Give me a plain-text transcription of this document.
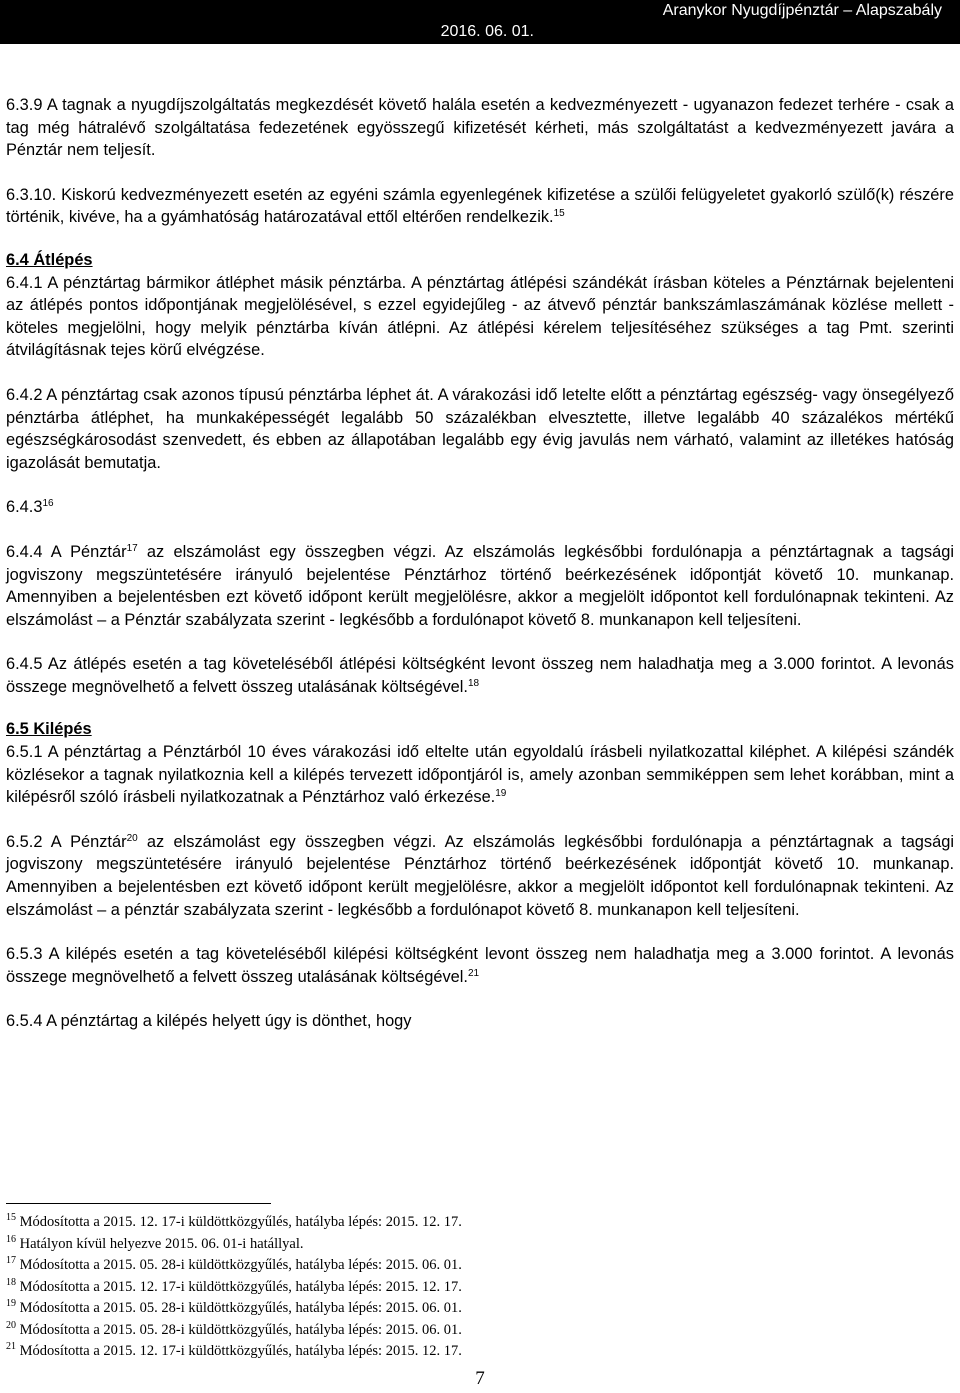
Aranykor Nyugdíjpénztár – Alapszabály
2016. 06. 01.

6.3.9 A tagnak a nyugdíjszolgáltatás megkezdését követő halála esetén a kedvezményezett - ugyanazon fedezet terhére - csak a tag még hátralévő szolgáltatása fedezetének egyösszegű kifizetését kérheti, más szolgáltatást a kedvezményezett javára a Pénztár nem teljesít.

6.3.10. Kiskorú kedvezményezett esetén az egyéni számla egyenlegének kifizetése a szülői felügyeletet gyakorló szülő(k) részére történik, kivéve, ha a gyámhatóság határozatával ettől eltérően rendelkezik.$^{15}$

6.4 Átlépés

6.4.1 A pénztártag bármikor átléphet másik pénztárba. A pénztártag átlépési szándékát írásban köteles a Pénztárnak bejelenteni az átlépés pontos időpontjának megjelölésével, s ezzel egyidejűleg - az átvevő pénztár bankszámlaszámának közlése mellett - köteles megjelölni, hogy melyik pénztárba kíván átlépni. Az átlépési kérelem teljesítéséhez szükséges a tag Pmt. szerinti átvilágításnak tejes körű elvégzése.

6.4.2 A pénztártag csak azonos típusú pénztárba léphet át. A várakozási idő letelte előtt a pénztártag egészség- vagy önsegélyező pénztárba átléphet, ha munkaképességét legalább 50 százalékban elvesztette, illetve legalább 40 százalékos mértékű egészségkárosodást szenvedett, és ebben az állapotában legalább egy évig javulás nem várható, valamint az illetékes hatóság igazolását bemutatja.

6.4.3$^{16}$

6.4.4 A Pénztár$^{17}$ az elszámolást egy összegben végzi. Az elszámolás legkésőbbi fordulónapja a pénztártagnak a tagsági jogviszony megszüntetésére irányuló bejelentése Pénztárhoz történő beérkezésének időpontját követő 10. munkanap. Amennyiben a bejelentésben ezt követő időpont került megjelölésre, akkor a megjelölt időpontot kell fordulónapnak tekinteni. Az elszámolást – a Pénztár szabályzata szerint - legkésőbb a fordulónapot követő 8. munkanapon kell teljesíteni.

6.4.5 Az átlépés esetén a tag követeléséből átlépési költségként levont összeg nem haladhatja meg a 3.000 forintot. A levonás összege megnövelhető a felvett összeg utalásának költségével.$^{18}$

6.5 Kilépés

6.5.1 A pénztártag a Pénztárból 10 éves várakozási idő eltelte után egyoldalú írásbeli nyilatkozattal kiléphet. A kilépési szándék közlésekor a tagnak nyilatkoznia kell a kilépés tervezett időpontjáról is, amely azonban semmiképpen sem lehet korábban, mint a kilépésről szóló írásbeli nyilatkozatnak a Pénztárhoz való érkezése.$^{19}$

6.5.2 A Pénztár$^{20}$ az elszámolást egy összegben végzi. Az elszámolás legkésőbbi fordulónapja a pénztártagnak a tagsági jogviszony megszüntetésére irányuló bejelentése Pénztárhoz történő beérkezésének időpontját követő 10. munkanap. Amennyiben a bejelentésben ezt követő időpont került megjelölésre, akkor a megjelölt időpontot kell fordulónapnak tekinteni. Az elszámolást – a pénztár szabályzata szerint - legkésőbb a fordulónapot követő 8. munkanapon kell teljesíteni.

6.5.3 A kilépés esetén a tag követeléséből kilépési költségként levont összeg nem haladhatja meg a 3.000 forintot. A levonás összege megnövelhető a felvett összeg utalásának költségével.$^{21}$

6.5.4 A pénztártag a kilépés helyett úgy is dönthet, hogy

$^{15}$ Módosította a 2015. 12. 17-i küldöttközgyűlés, hatályba lépés: 2015. 12. 17.
$^{16}$ Hatályon kívül helyezve 2015. 06. 01-i hatállyal.
$^{17}$ Módosította a 2015. 05. 28-i küldöttközgyűlés, hatályba lépés: 2015. 06. 01.
$^{18}$ Módosította a 2015. 12. 17-i küldöttközgyűlés, hatályba lépés: 2015. 12. 17.
$^{19}$ Módosította a 2015. 05. 28-i küldöttközgyűlés, hatályba lépés: 2015. 06. 01.
$^{20}$ Módosította a 2015. 05. 28-i küldöttközgyűlés, hatályba lépés: 2015. 06. 01.
$^{21}$ Módosította a 2015. 12. 17-i küldöttközgyűlés, hatályba lépés: 2015. 12. 17.
7
